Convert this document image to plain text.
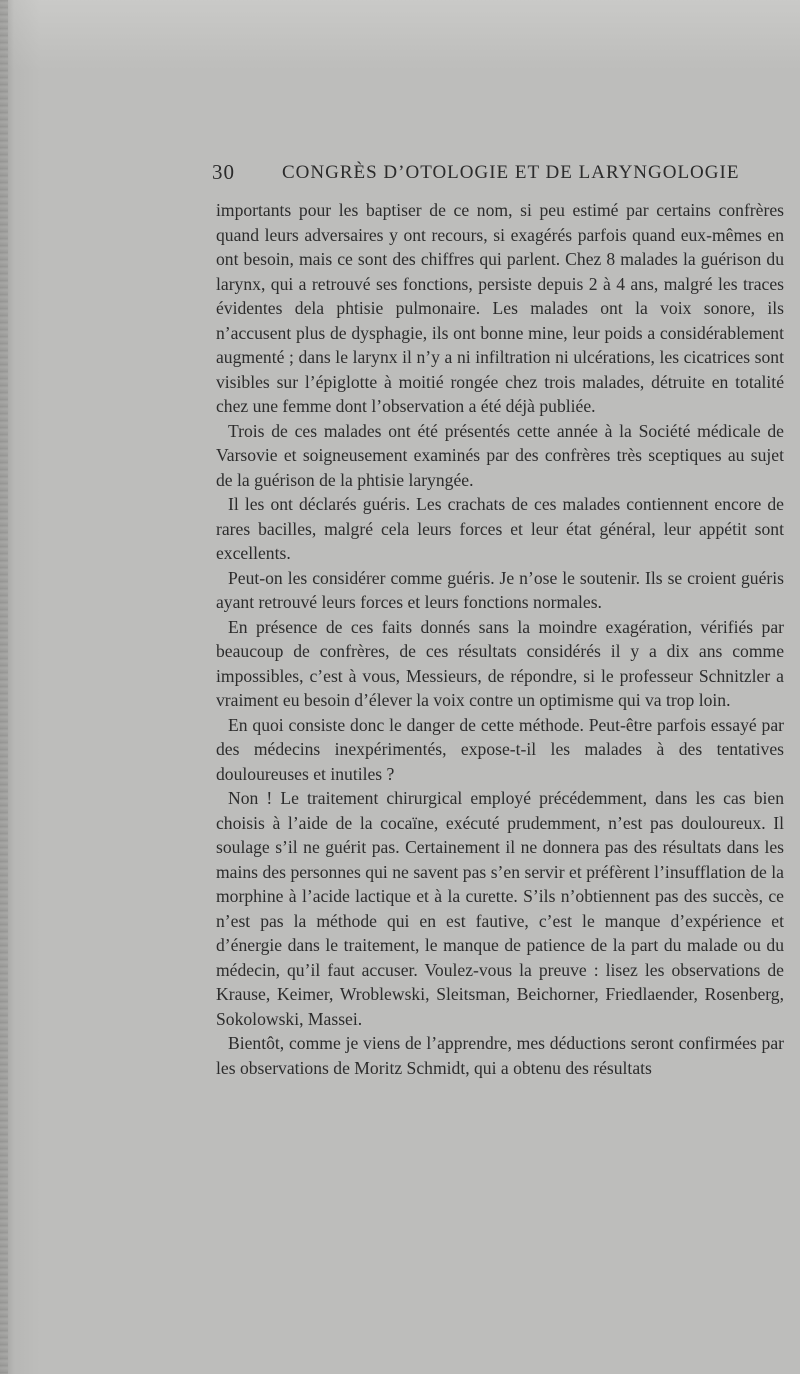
30 CONGRÈS D’OTOLOGIE ET DE LARYNGOLOGIE

importants pour les baptiser de ce nom, si peu estimé par certains confrères quand leurs adversaires y ont recours, si exagérés parfois quand eux-mêmes en ont besoin, mais ce sont des chiffres qui parlent. Chez 8 malades la guérison du larynx, qui a retrouvé ses fonctions, persiste depuis 2 à 4 ans, malgré les traces évidentes dela phtisie pulmonaire. Les malades ont la voix sonore, ils n’accusent plus de dysphagie, ils ont bonne mine, leur poids a considérablement augmenté ; dans le larynx il n’y a ni infiltration ni ulcérations, les cicatrices sont visibles sur l’épiglotte à moitié rongée chez trois malades, détruite en totalité chez une femme dont l’observation a été déjà publiée.

Trois de ces malades ont été présentés cette année à la Société médicale de Varsovie et soigneusement examinés par des confrères très sceptiques au sujet de la guérison de la phtisie laryngée.

Il les ont déclarés guéris. Les crachats de ces malades contiennent encore de rares bacilles, malgré cela leurs forces et leur état général, leur appétit sont excellents.

Peut-on les considérer comme guéris. Je n’ose le soutenir. Ils se croient guéris ayant retrouvé leurs forces et leurs fonctions normales.

En présence de ces faits donnés sans la moindre exagération, vérifiés par beaucoup de confrères, de ces résultats considérés il y a dix ans comme impossibles, c’est à vous, Messieurs, de répondre, si le professeur Schnitzler a vraiment eu besoin d’élever la voix contre un optimisme qui va trop loin.

En quoi consiste donc le danger de cette méthode. Peut-être parfois essayé par des médecins inexpérimentés, expose-t-il les malades à des tentatives douloureuses et inutiles ?

Non ! Le traitement chirurgical employé précédemment, dans les cas bien choisis à l’aide de la cocaïne, exécuté prudemment, n’est pas douloureux. Il soulage s’il ne guérit pas. Certainement il ne donnera pas des résultats dans les mains des personnes qui ne savent pas s’en servir et préfèrent l’insufflation de la morphine à l’acide lactique et à la curette. S’ils n’obtiennent pas des succès, ce n’est pas la méthode qui en est fautive, c’est le manque d’expérience et d’énergie dans le traitement, le manque de patience de la part du malade ou du médecin, qu’il faut accuser. Voulez-vous la preuve : lisez les observations de Krause, Keimer, Wroblewski, Sleitsman, Beichorner, Friedlaender, Rosenberg, Sokolowski, Massei.

Bientôt, comme je viens de l’apprendre, mes déductions seront confirmées par les observations de Moritz Schmidt, qui a obtenu des résultats
